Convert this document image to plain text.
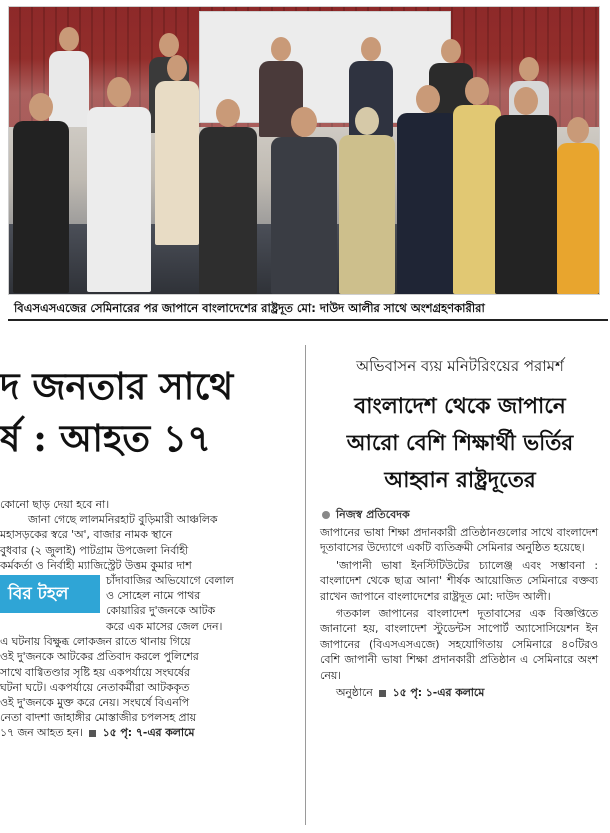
বিএসএসএজের সেমিনারের পর জাপানে বাংলাদেশের রাষ্ট্রদূত মো: দাউদ আলীর সাথে অংশগ্রহণকারীরা
দ জনতার সাথে
র্ষ : আহত ১৭

কোনো ছাড় দেয়া হবে না।

জানা গেছে লালমনিরহাট বুড়িমারী আঞ্চলিক

মহাসড়কের স্বরে 'অ', বাজার নামক স্থানে

বুধবার (২ জুলাই) পাটগ্রাম উপজেলা নির্বাহী

কর্মকর্তা ও নির্বাহী ম্যাজিস্ট্রেট উত্তম কুমার দাশ

বির টহল

চাঁদাবাজির অভিযোগে বেলাল

ও সোহেল নামে পাথর

কোয়ারির দু'জনকে আটক

করে এক মাসের জেল দেন।

এ ঘটনায় বিক্ষুব্ধ লোকজন রাতে থানায় গিয়ে

ওই দু'জনকে আটকের প্রতিবাদ করলে পুলিশের

সাথে বাগ্বিতণ্ডার সৃষ্টি হয় একপর্যায়ে সংঘর্ষের

ঘটনা ঘটে। একপর্যায়ে নেতাকর্মীরা আটককৃত

ওই দু'জনকে মুক্ত করে নেয়। সংঘর্ষে বিএনপি

নেতা বাদশা জাহাঙ্গীর মোস্তাজীর চপলসহ প্রায়

১৭ জন আহত হন। ১৫ পৃ: ৭-এর কলামে

অভিবাসন ব্যয় মনিটরিংয়ের পরামর্শ
বাংলাদেশ থেকে জাপানে
আরো বেশি শিক্ষার্থী ভর্তির
আহ্বান রাষ্ট্রদূতের
নিজস্ব প্রতিবেদক

জাপানের ভাষা শিক্ষা প্রদানকারী প্রতিষ্ঠানগুলোর সাথে বাংলাদেশ দূতাবাসের উদ্যোগে একটি ব্যতিক্রমী সেমিনার অনুষ্ঠিত হয়েছে।

'জাপানী ভাষা ইনস্টিটিউটের চ্যালেঞ্জ এবং সম্ভাবনা : বাংলাদেশ থেকে ছাত্র আনা' শীর্ষক আয়োজিত সেমিনারে বক্তব্য রাখেন জাপানে বাংলাদেশের রাষ্ট্রদূত মো: দাউদ আলী।

গতকাল জাপানের বাংলাদেশ দূতাবাসের এক বিজ্ঞপ্তিতে জানানো হয়, বাংলাদেশ স্টুডেন্টস সাপোর্ট অ্যাসোসিয়েশন ইন জাপানের (বিএসএসএজে) সহযোগিতায় সেমিনারে ৪০টিরও বেশি জাপানী ভাষা শিক্ষা প্রদানকারী প্রতিষ্ঠান এ সেমিনারে অংশ নেয়।

অনুষ্ঠানে ১৫ পৃ: ১-এর কলামে
